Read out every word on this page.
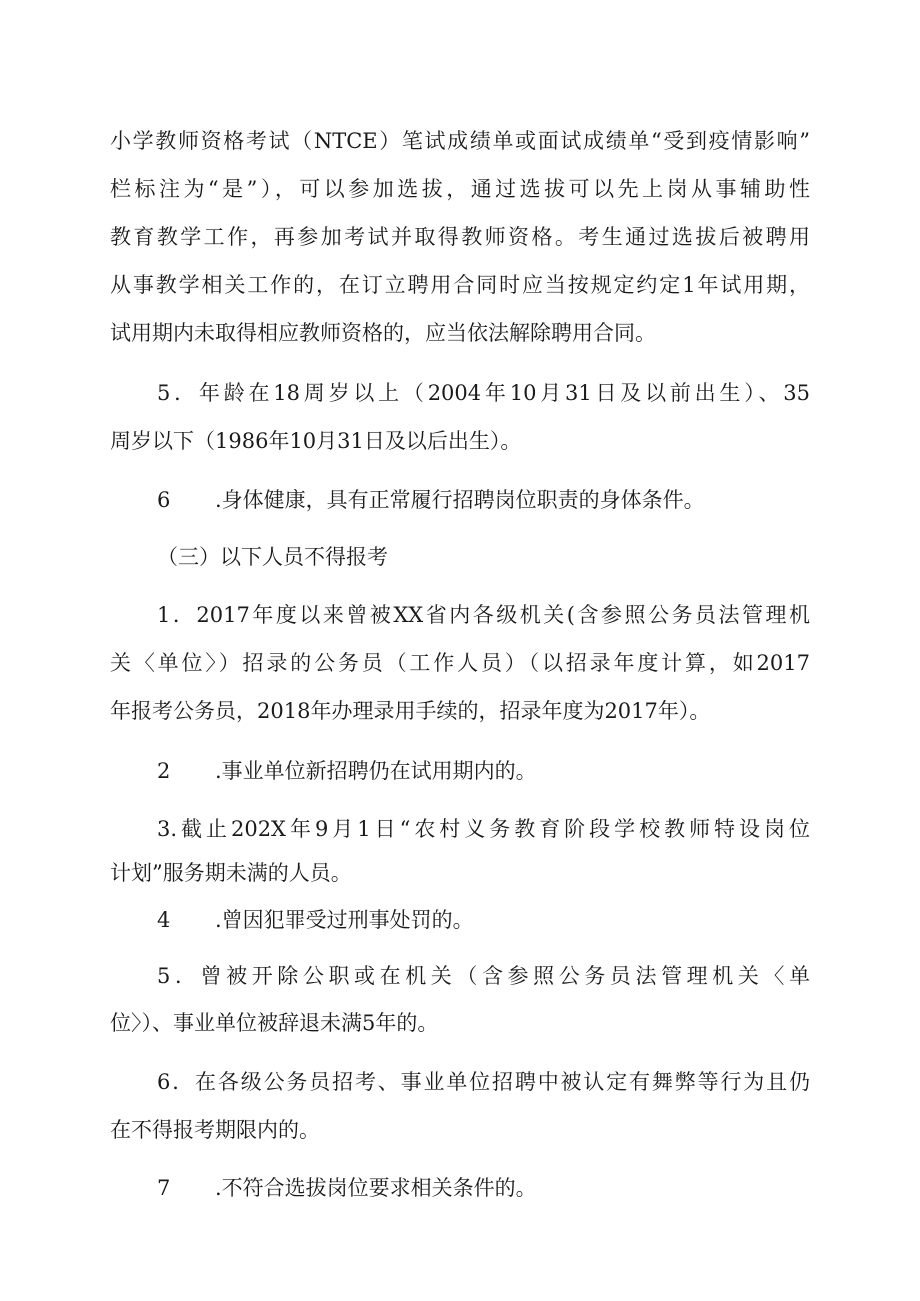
小学教师资格考试（NTCE）笔试成绩单或面试成绩单“受到疫情影响”
栏标注为“是”），可以参加选拔，通过选拔可以先上岗从事辅助性
教育教学工作，再参加考试并取得教师资格。考生通过选拔后被聘用
从事教学相关工作的，在订立聘用合同时应当按规定约定1年试用期，
试用期内未取得相应教师资格的，应当依法解除聘用合同。
5．年龄在18周岁以上（2004年10月31日及以前出生）、35
周岁以下（1986年10月31日及以后出生）。
6 .身体健康，具有正常履行招聘岗位职责的身体条件。
（三）以下人员不得报考
1．2017年度以来曾被XX省内各级机关(含参照公务员法管理机
关〈单位〉）招录的公务员（工作人员）（以招录年度计算，如2017
年报考公务员，2018年办理录用手续的，招录年度为2017年）。
2 .事业单位新招聘仍在试用期内的。
3.截止202X年9月1日“农村义务教育阶段学校教师特设岗位
计划”服务期未满的人员。
4 .曾因犯罪受过刑事处罚的。
5．曾被开除公职或在机关（含参照公务员法管理机关〈单
位〉）、事业单位被辞退未满5年的。
6．在各级公务员招考、事业单位招聘中被认定有舞弊等行为且仍
在不得报考期限内的。
7 .不符合选拔岗位要求相关条件的。
